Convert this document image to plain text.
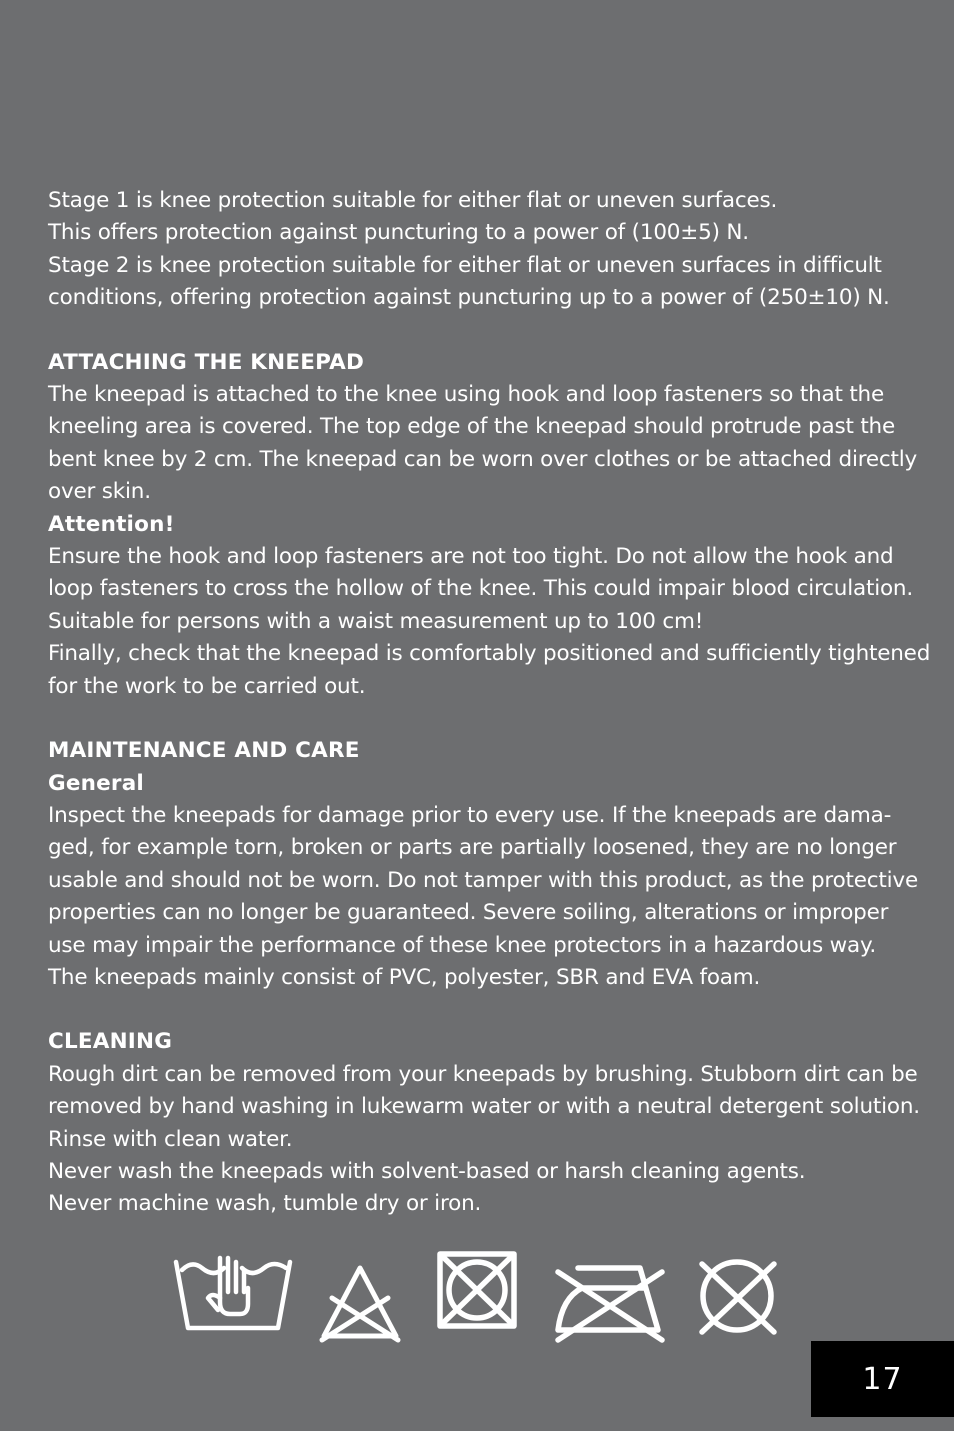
Stage 1 is knee protection suitable for either flat or uneven surfaces.

This offers protection against puncturing to a power of (100±5) N.

Stage 2 is knee protection suitable for either flat or uneven surfaces in difficult

conditions, offering protection against puncturing up to a power of (250±10) N.

ATTACHING THE KNEEPAD

The kneepad is attached to the knee using hook and loop fasteners so that the

kneeling area is covered. The top edge of the kneepad should protrude past the

bent knee by 2 cm. The kneepad can be worn over clothes or be attached directly

over skin.

Attention!

Ensure the hook and loop fasteners are not too tight. Do not allow the hook and

loop fasteners to cross the hollow of the knee. This could impair blood circulation.

Suitable for persons with a waist measurement up to 100 cm!

Finally, check that the kneepad is comfortably positioned and sufficiently tightened

for the work to be carried out.

MAINTENANCE AND CARE
General

Inspect the kneepads for damage prior to every use. If the kneepads are dama-

ged, for example torn, broken or parts are partially loosened, they are no longer

usable and should not be worn. Do not tamper with this product, as the protective

properties can no longer be guaranteed. Severe soiling, alterations or improper

use may impair the performance of these knee protectors in a hazardous way.

The kneepads mainly consist of PVC, polyester, SBR and EVA foam.

CLEANING

Rough dirt can be removed from your kneepads by brushing. Stubborn dirt can be

removed by hand washing in lukewarm water or with a neutral detergent solution.

Rinse with clean water.

Never wash the kneepads with solvent-based or harsh cleaning agents.

Never machine wash, tumble dry or iron.

17
